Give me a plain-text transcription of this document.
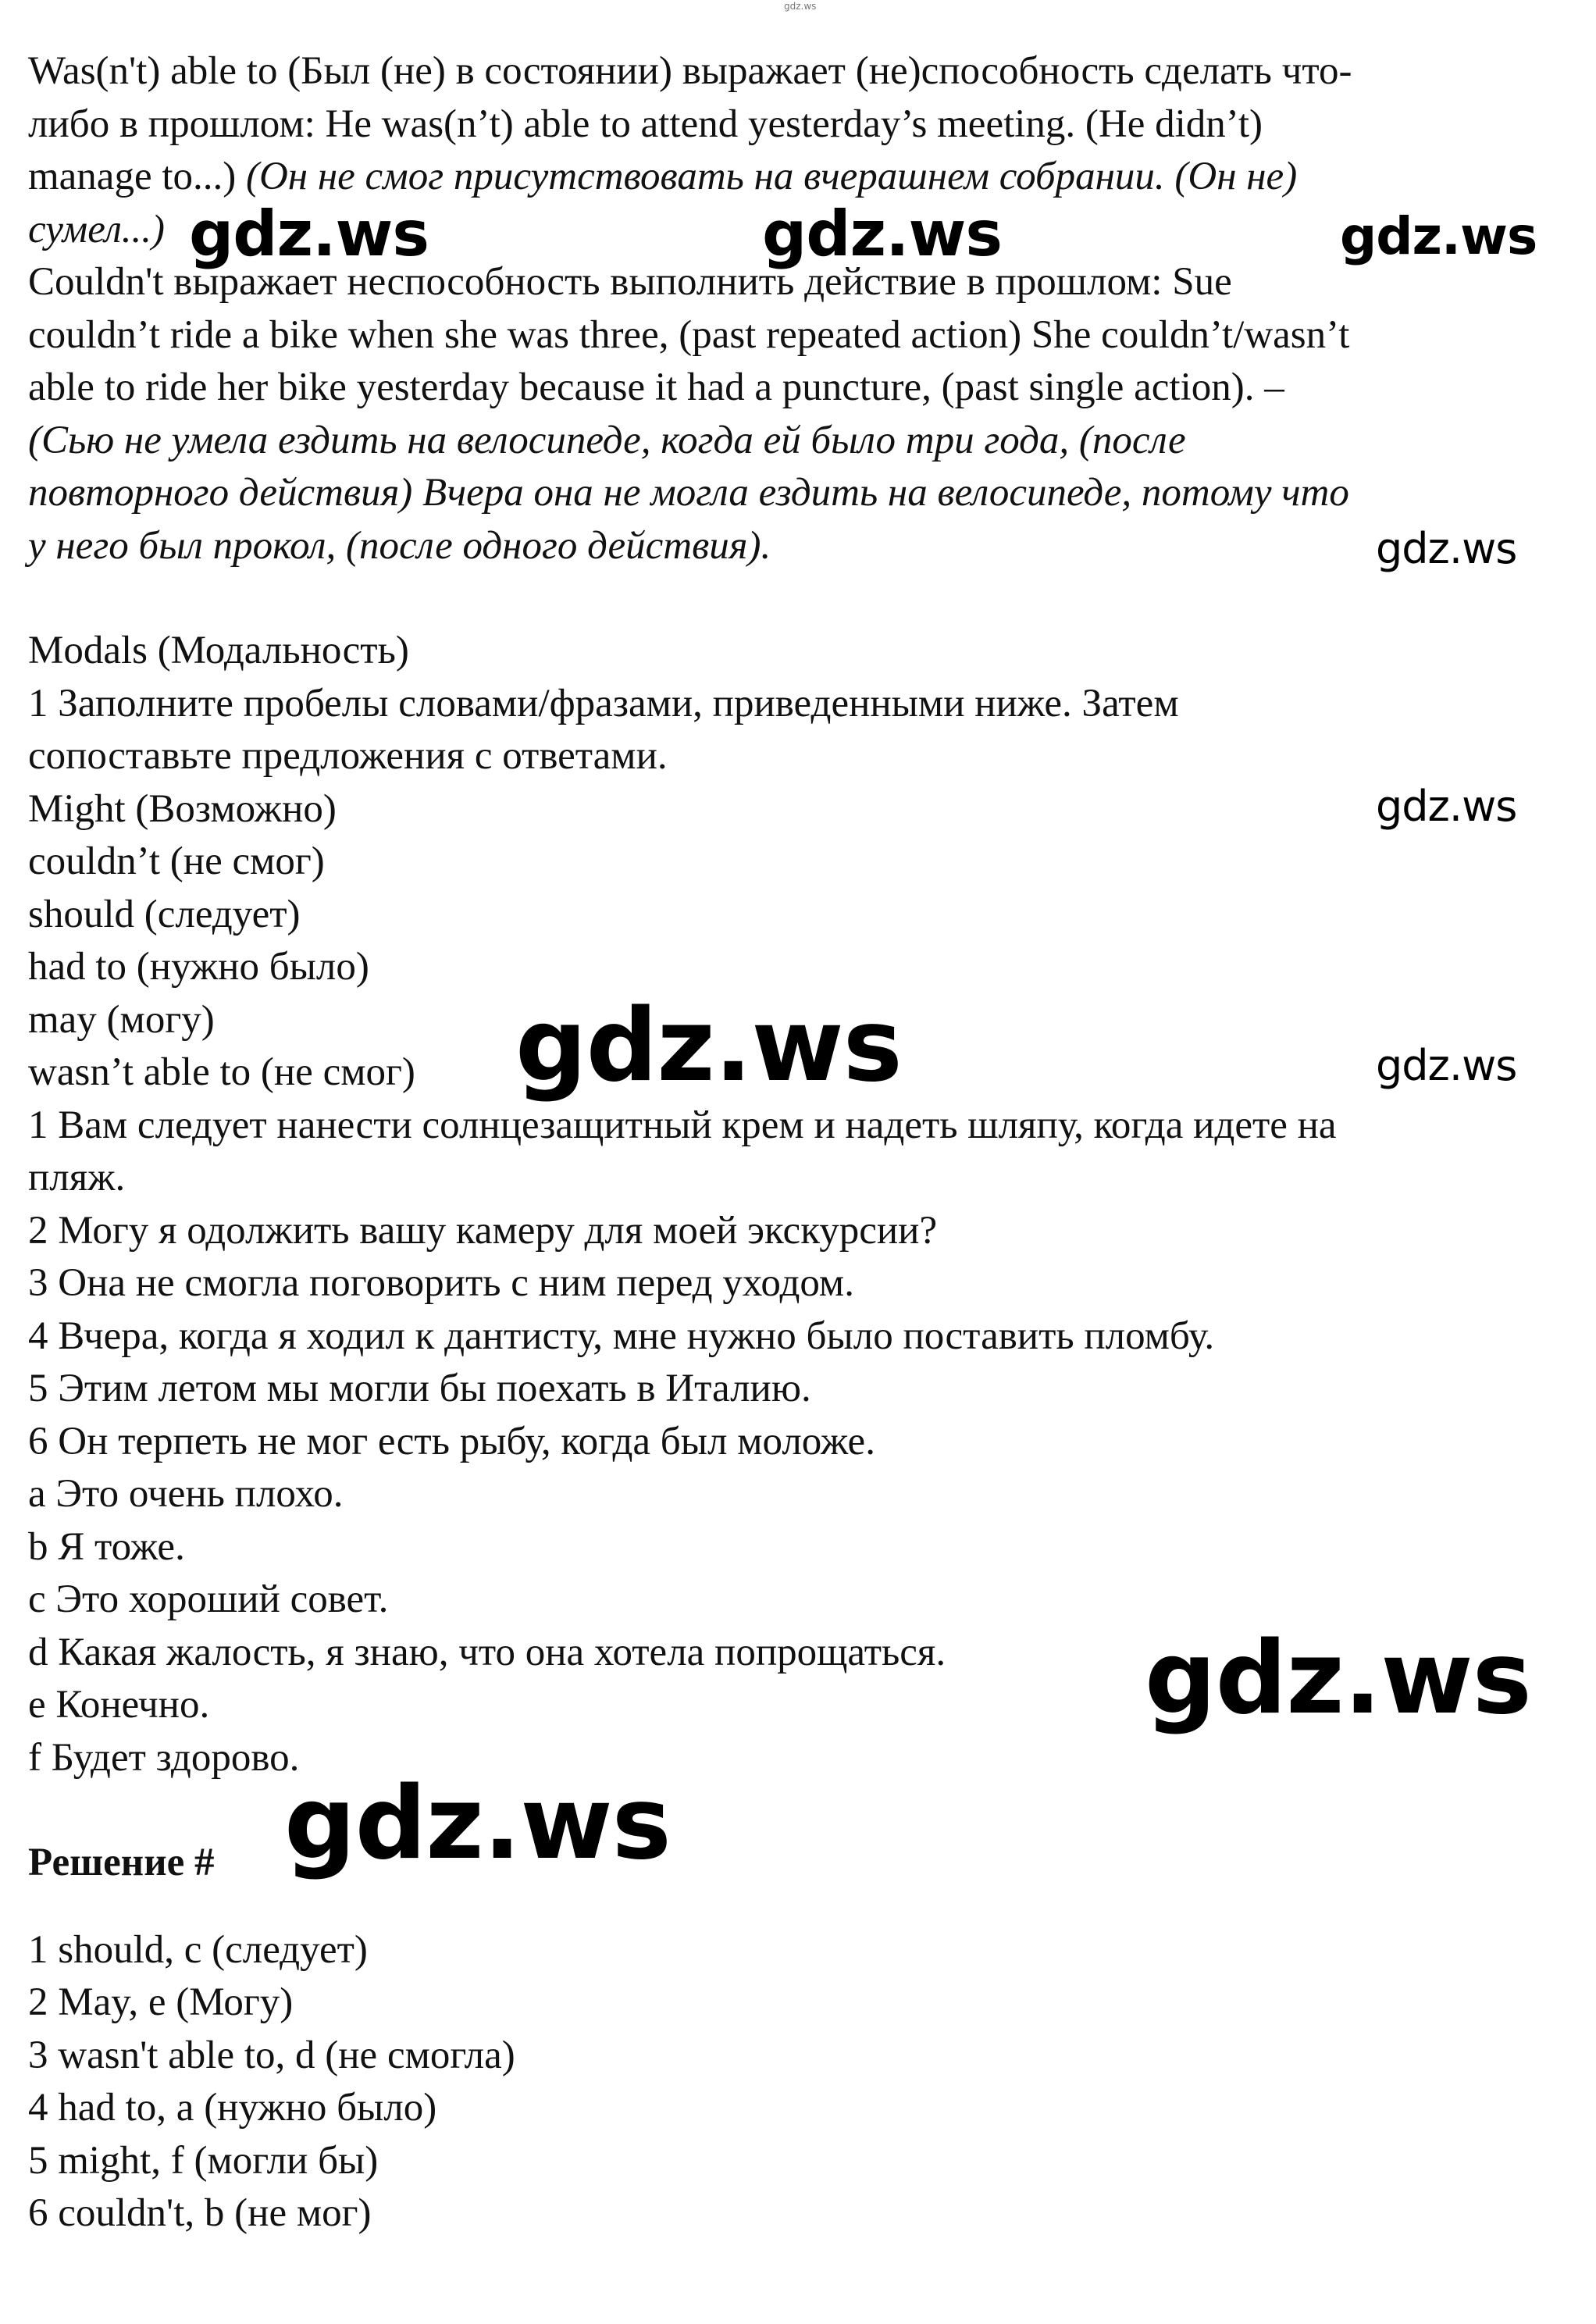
gdz.ws

Was(n't) able to (Был (не) в состоянии) выражает (не)способность сделать что-

либо в прошлом: He was(n’t) able to attend yesterday’s meeting. (He didn’t)

manage to...) (Он не смог присутствовать на вчерашнем собрании. (Он не)

сумел...)

Couldn't выражает неспособность выполнить действие в прошлом: Sue

couldn’t ride a bike when she was three, (past repeated action) She couldn’t/wasn’t

able to ride her bike yesterday because it had a puncture, (past single action). –

(Сью не умела ездить на велосипеде, когда ей было три года, (после

повторного действия) Вчера она не могла ездить на велосипеде, потому что

у него был прокол, (после одного действия).

Modals (Модальность)

1 Заполните пробелы словами/фразами, приведенными ниже. Затем

сопоставьте предложения с ответами.

Might (Возможно)

couldn’t (не смог)

should (следует)

had to (нужно было)

may (могу)

wasn’t able to (не смог)

1 Вам следует нанести солнцезащитный крем и надеть шляпу, когда идете на

пляж.

2 Могу я одолжить вашу камеру для моей экскурсии?

3 Она не смогла поговорить с ним перед уходом.

4 Вчера, когда я ходил к дантисту, мне нужно было поставить пломбу.

5 Этим летом мы могли бы поехать в Италию.

6 Он терпеть не мог есть рыбу, когда был моложе.

a Это очень плохо.

b Я тоже.

c Это хороший совет.

d Какая жалость, я знаю, что она хотела попрощаться.

e Конечно.

f Будет здорово.

Решение #

1 should, c (следует)

2 May, e (Могу)

3 wasn't able to, d (не смогла)

4 had to, a (нужно было)

5 might, f (могли бы)

6 couldn't, b (не мог)

gdz.ws	gdz.ws	gdz.ws
gdz.ws
gdz.ws
gdz.ws	gdz.ws
gdz.ws
gdz.ws
